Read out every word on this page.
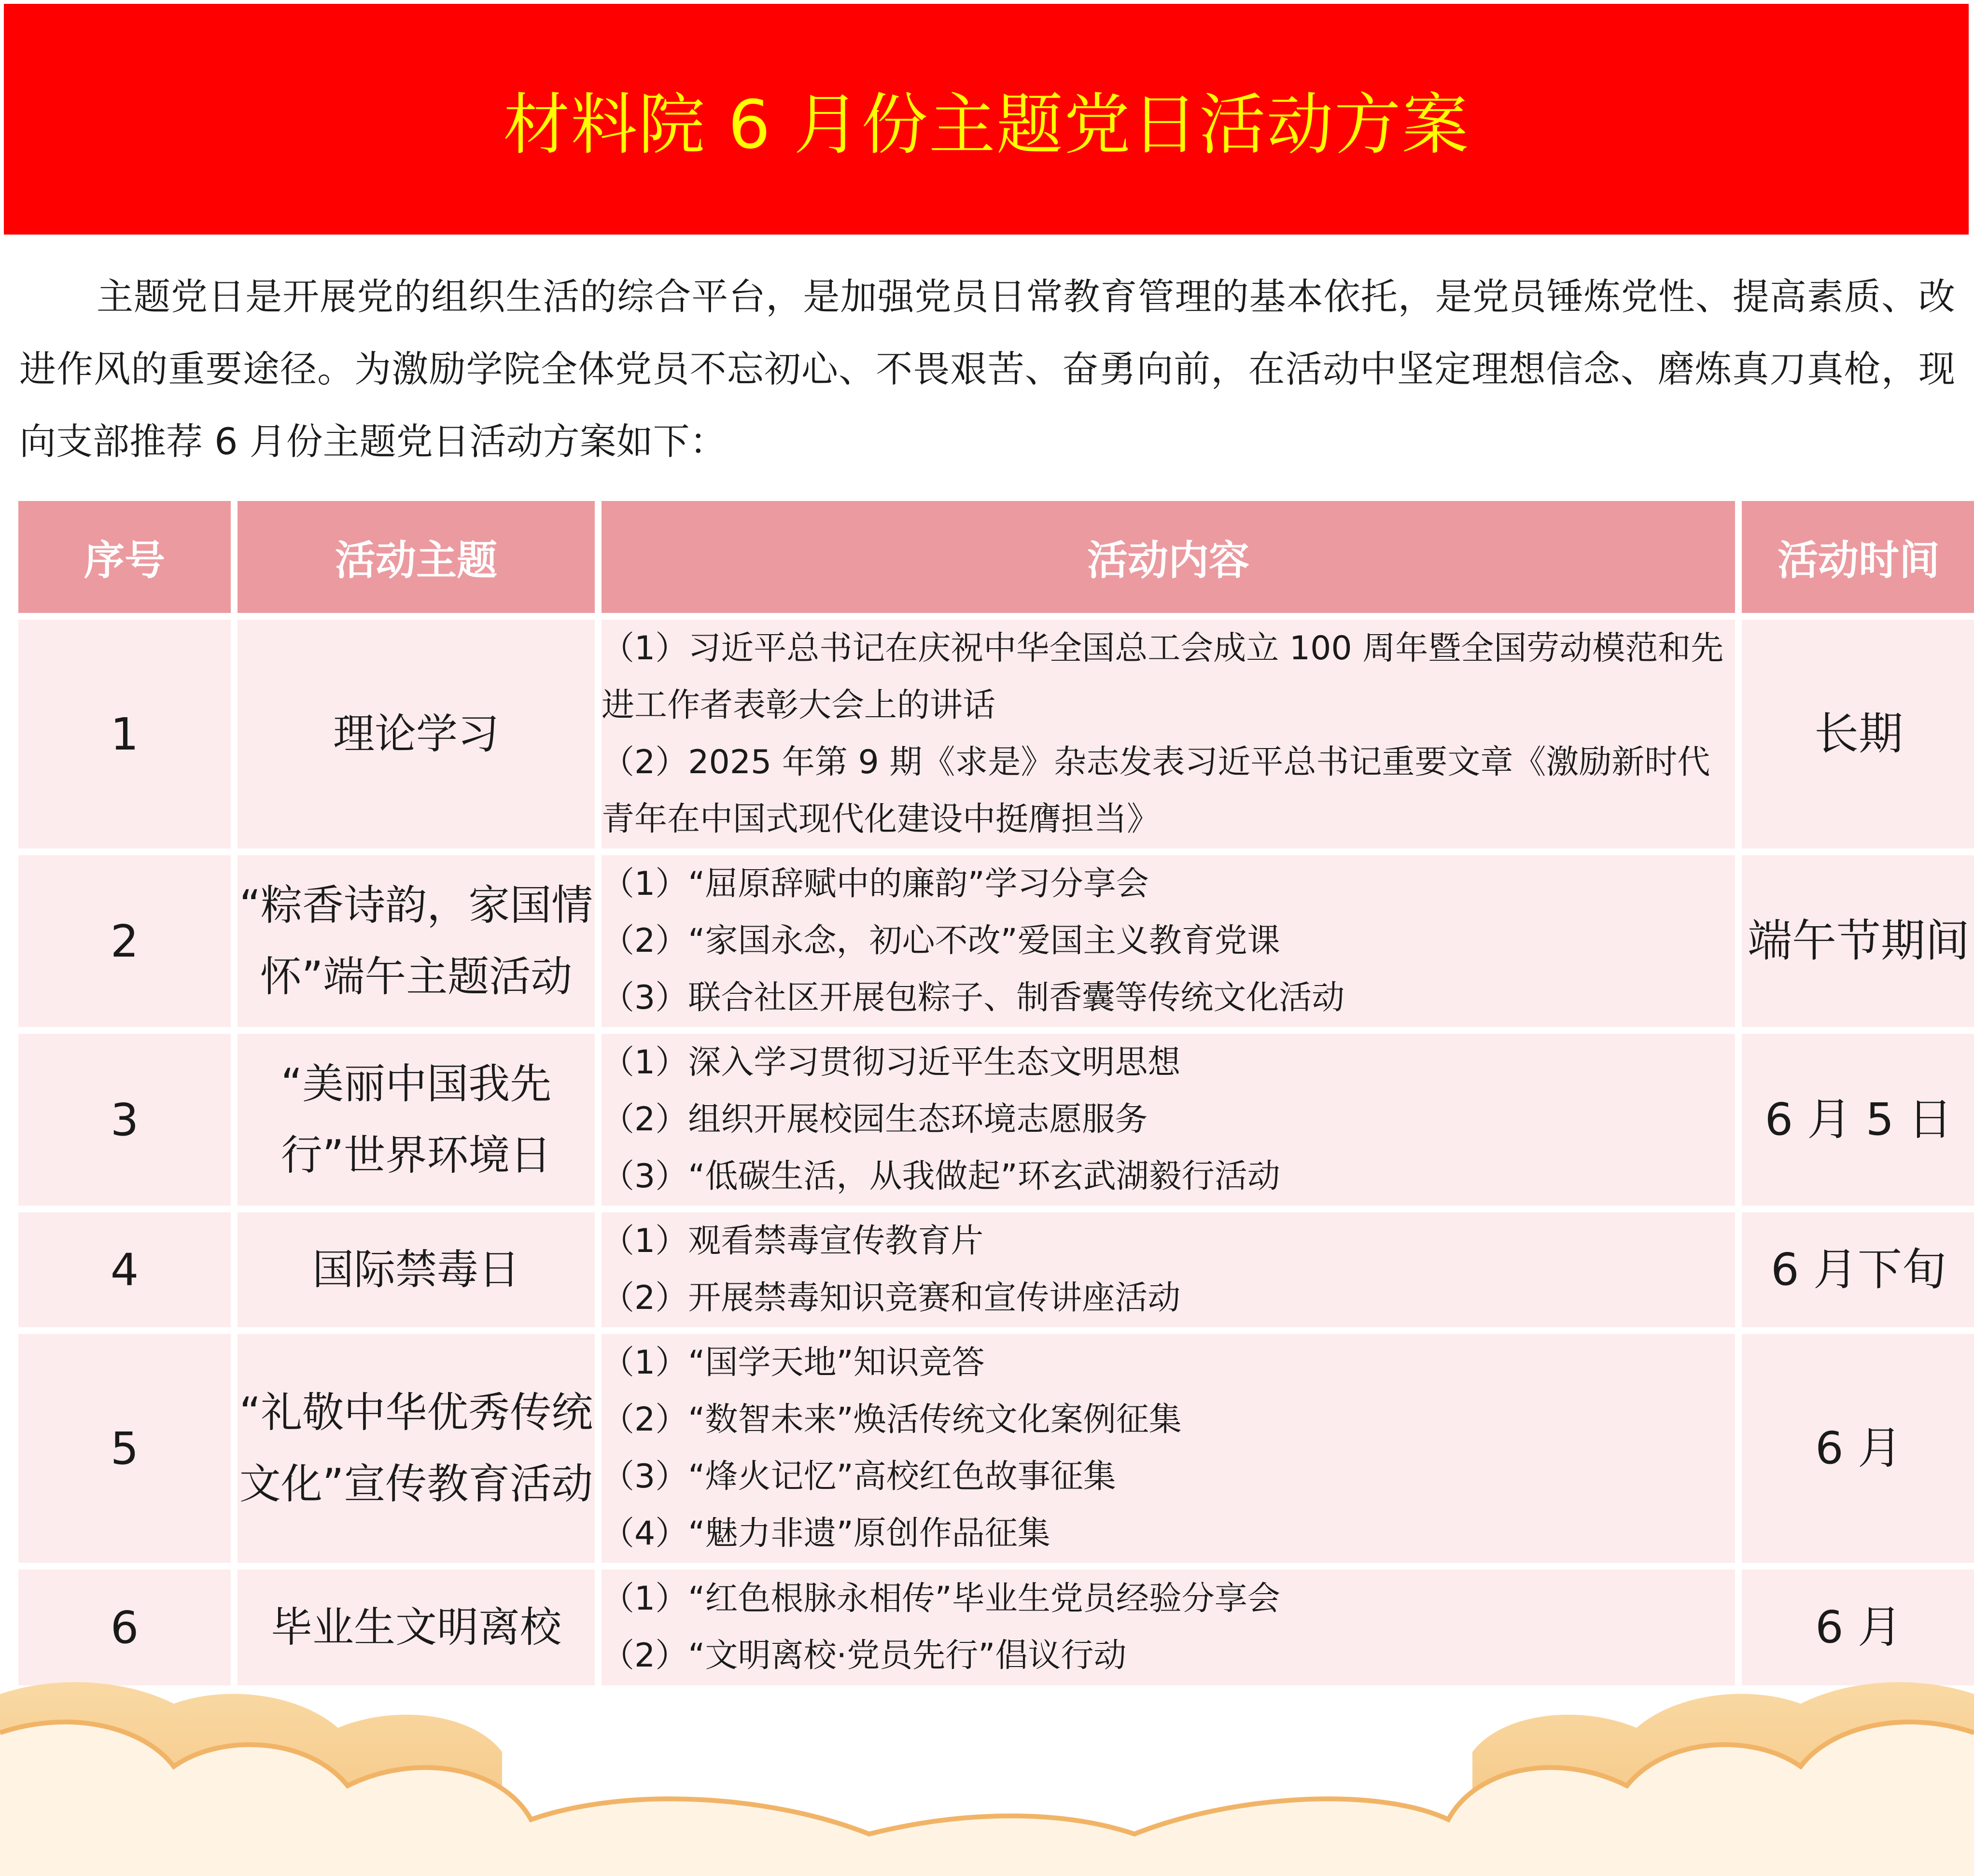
材料院 6 月份主题党日活动方案

主题党日是开展党的组织生活的综合平台，是加强党员日常教育管理的基本依托，是党员锤炼党性、提高素质、改进作风的重要途径。为激励学院全体党员不忘初心、不畏艰苦、奋勇向前，在活动中坚定理想信念、磨炼真刀真枪，现向支部推荐 6 月份主题党日活动方案如下：

序号	活动主题	活动内容	活动时间
1	理论学习	（1）习近平总书记在庆祝中华全国总工会成立 100 周年暨全国劳动模范和先进工作者表彰大会上的讲话
（2）2025 年第 9 期《求是》杂志发表习近平总书记重要文章《激励新时代青年在中国式现代化建设中挺膺担当》	长期
2	“粽香诗韵，家国情怀”端午主题活动	（1）“屈原辞赋中的廉韵”学习分享会
（2）“家国永念，初心不改”爱国主义教育党课
（3）联合社区开展包粽子、制香囊等传统文化活动	端午节期间
3	“美丽中国我先行”世界环境日	（1）深入学习贯彻习近平生态文明思想
（2）组织开展校园生态环境志愿服务
（3）“低碳生活，从我做起”环玄武湖毅行活动	6 月 5 日
4	国际禁毒日	（1）观看禁毒宣传教育片
（2）开展禁毒知识竞赛和宣传讲座活动	6 月下旬
5	“礼敬中华优秀传统文化”宣传教育活动	（1）“国学天地”知识竞答
（2）“数智未来”焕活传统文化案例征集
（3）“烽火记忆”高校红色故事征集
（4）“魅力非遗”原创作品征集	6 月
6	毕业生文明离校	（1）“红色根脉永相传”毕业生党员经验分享会
（2）“文明离校·党员先行”倡议行动	6 月
